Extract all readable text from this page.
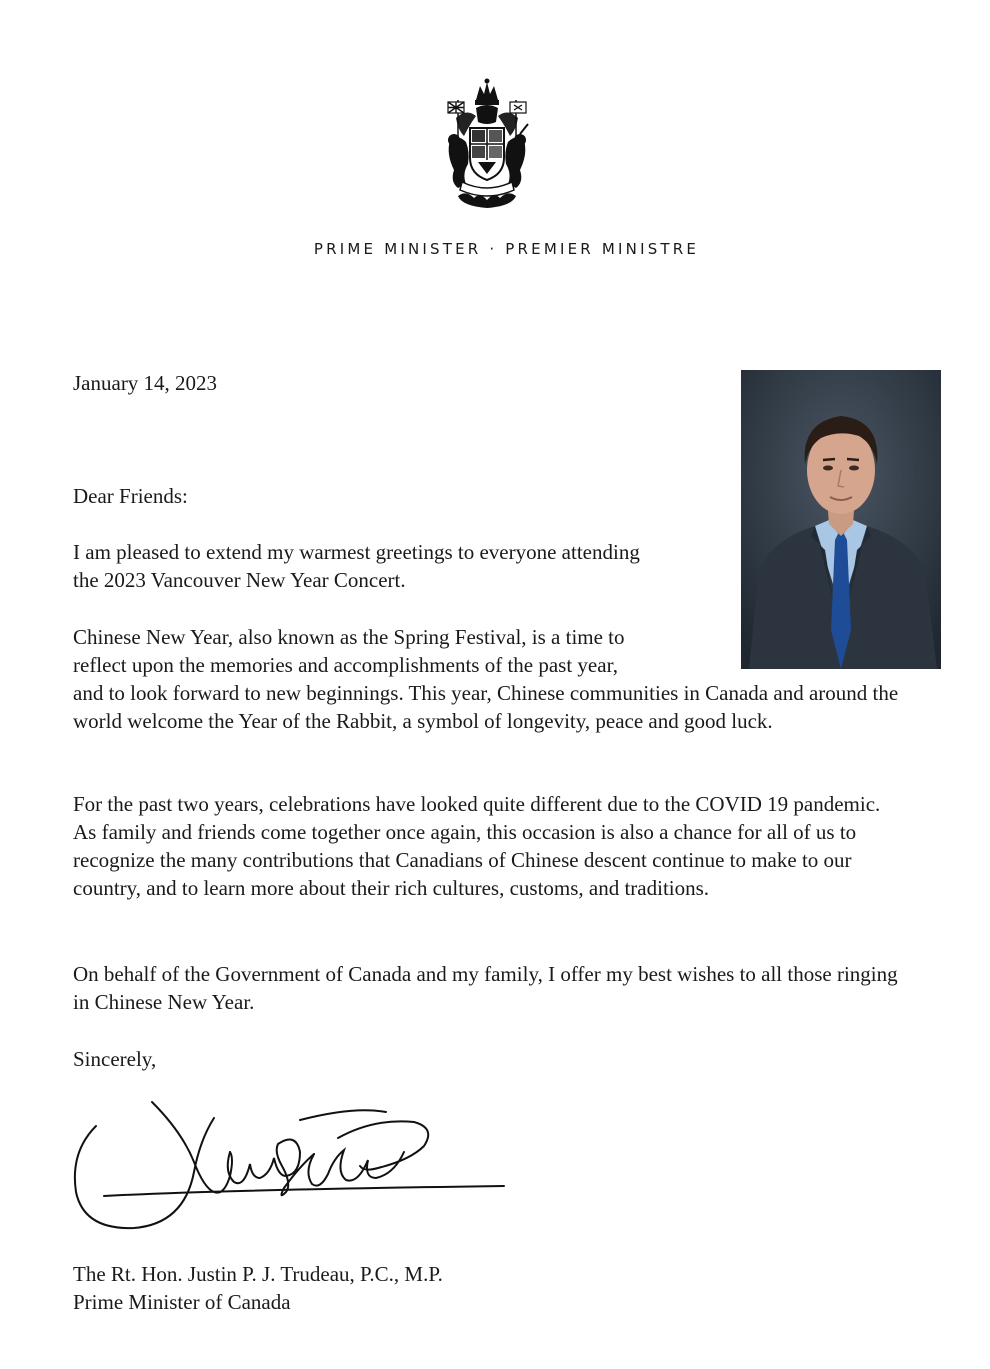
PRIME MINISTER · PREMIER MINISTRE
January 14, 2023
Dear Friends:

I am pleased to extend my warmest greetings to everyone attending the 2023 Vancouver New Year Concert.

Chinese New Year, also known as the Spring Festival, is a time to
reflect upon the memories and accomplishments of the past year,
and to look forward to new beginnings. This year, Chinese communities in Canada and around the world welcome the Year of the Rabbit, a symbol of longevity, peace and good luck.

For the past two years, celebrations have looked quite different due to the COVID 19 pandemic. As family and friends come together once again, this occasion is also a chance for all of us to recognize the many contributions that Canadians of Chinese descent continue to make to our country, and to learn more about their rich cultures, customs, and traditions.

On behalf of the Government of Canada and my family, I offer my best wishes to all those ringing in Chinese New Year.

Sincerely,
The Rt. Hon. Justin P. J. Trudeau, P.C., M.P.
Prime Minister of Canada
